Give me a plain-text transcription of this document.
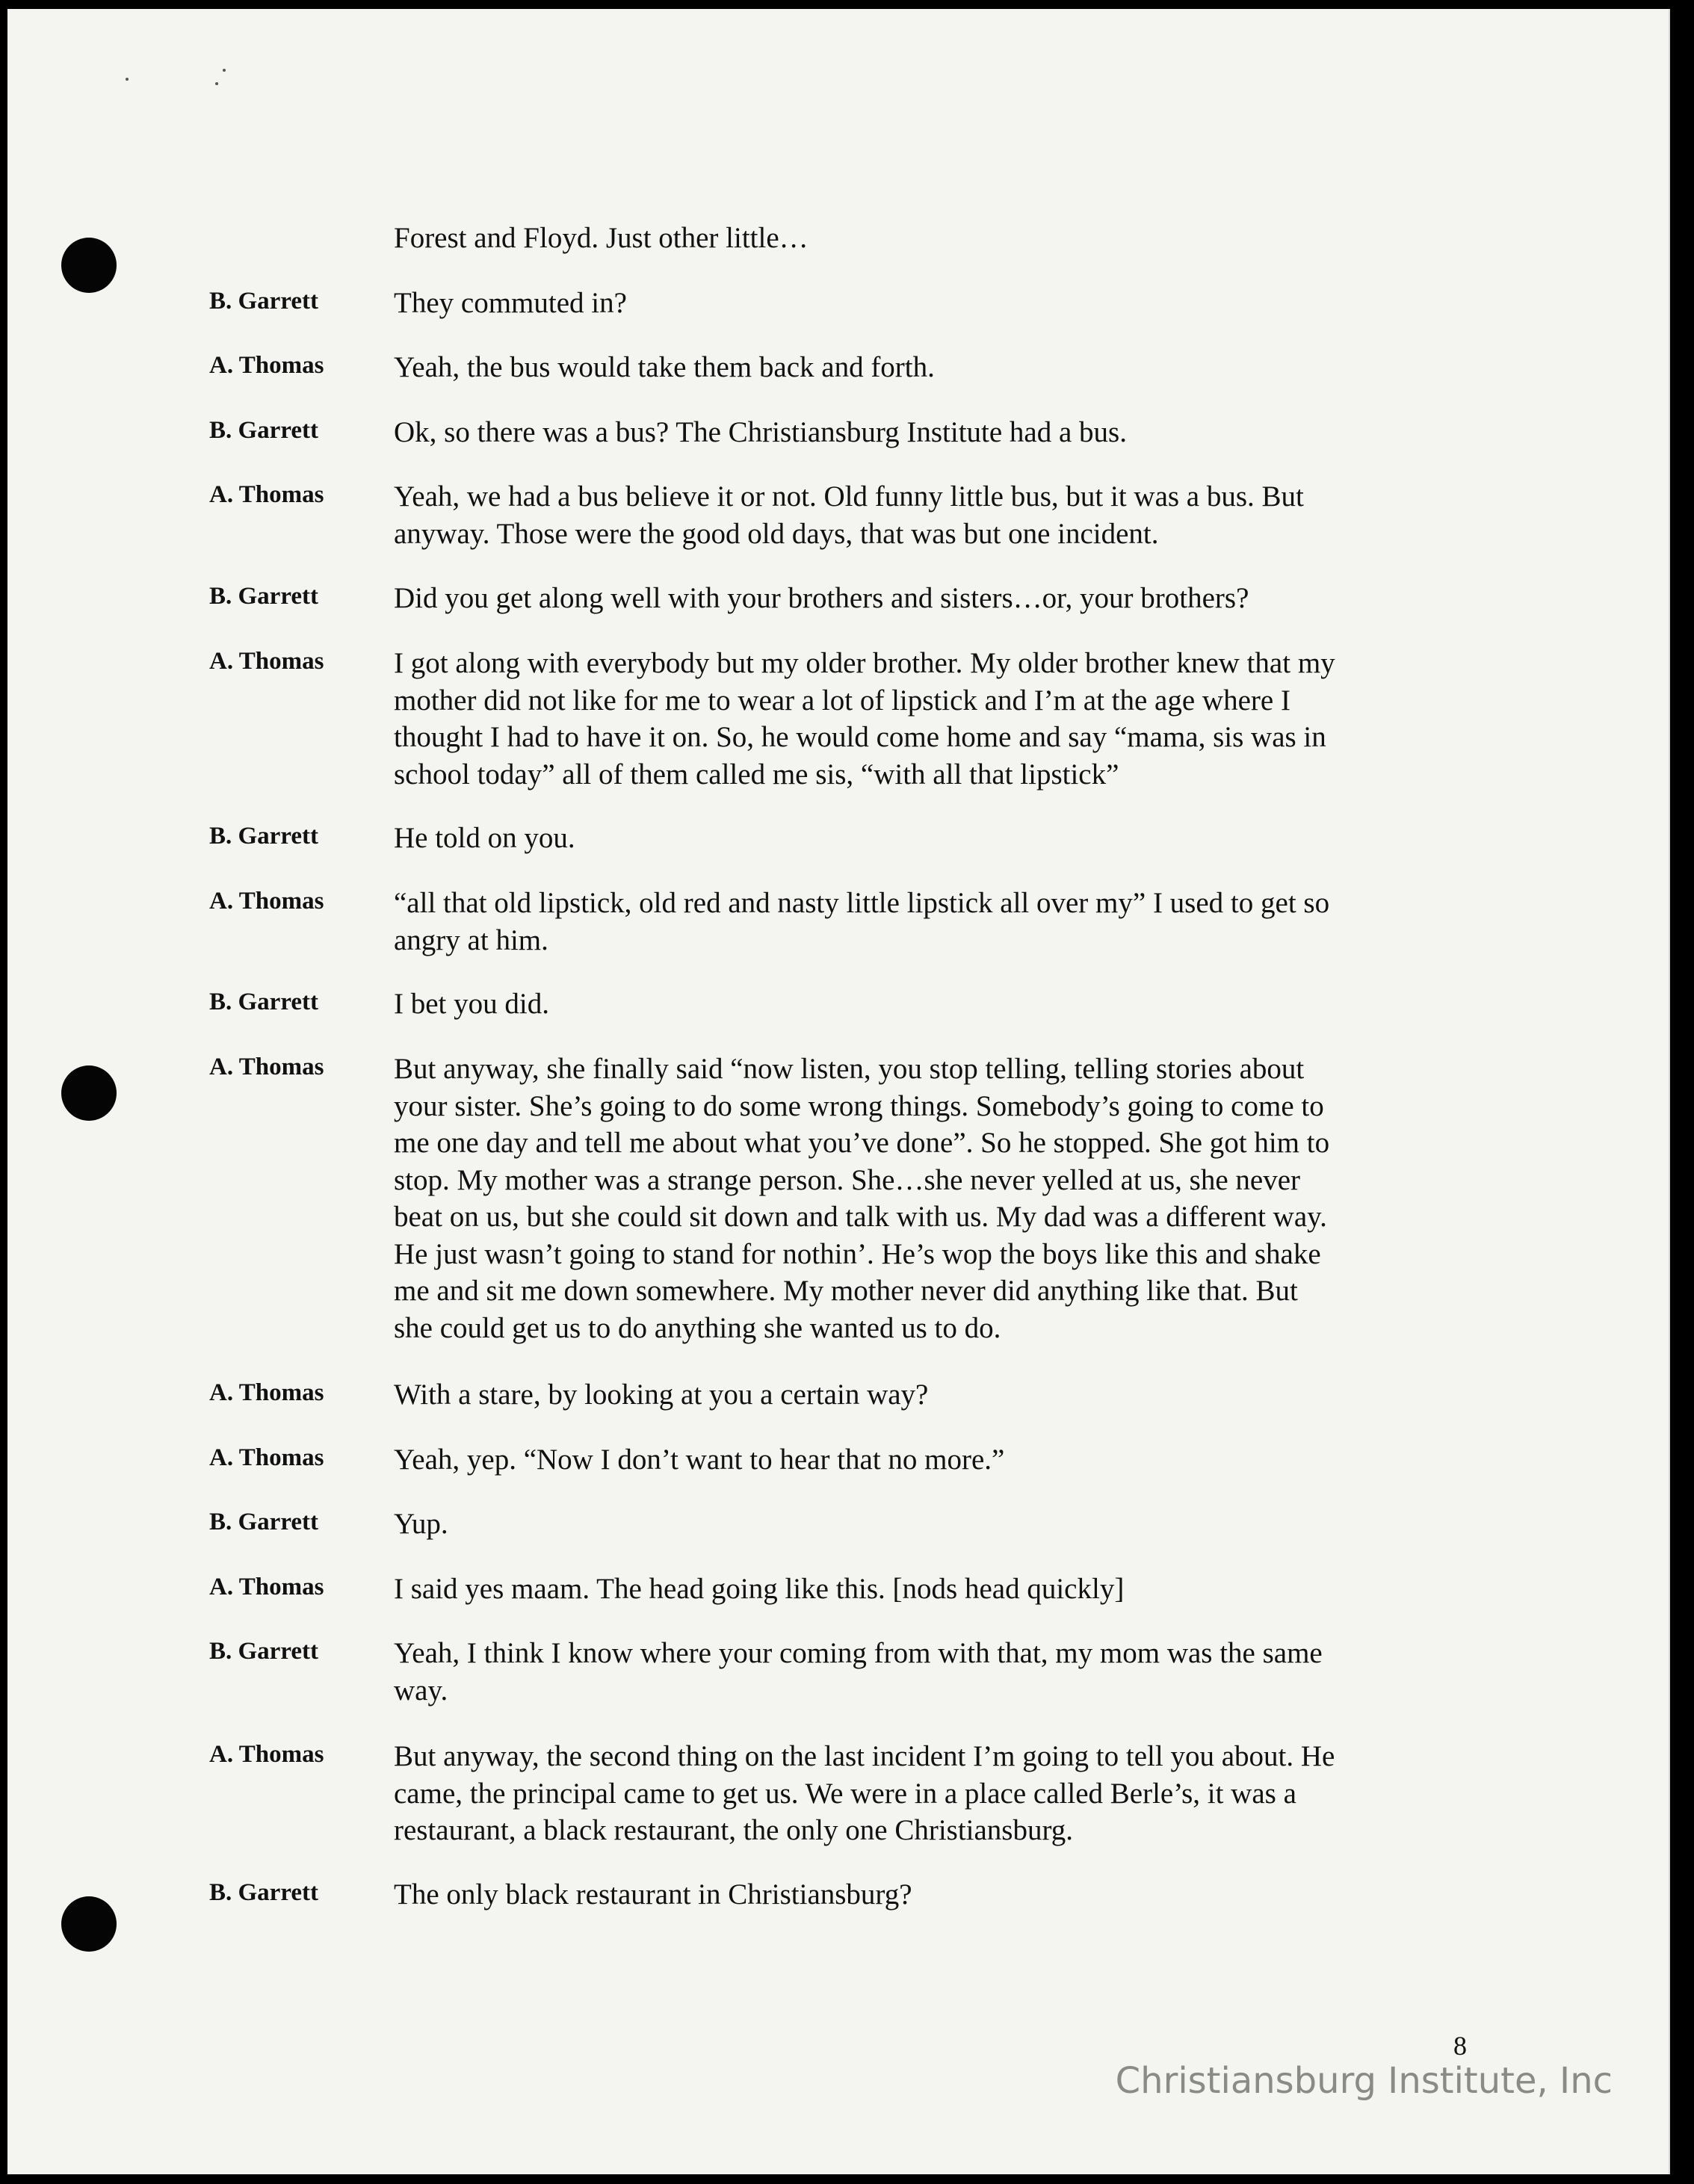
Forest and Floyd. Just other little…
B. Garrett	They commuted in?
A. Thomas Yeah, the bus would take them back and forth.
B. Garrett	Ok, so there was a bus? The Christiansburg Institute had a bus.
A. Thomas Yeah, we had a bus believe it or not. Old funny little bus, but it was a bus. But
anyway. Those were the good old days, that was but one incident.
B. Garrett	Did you get along well with your brothers and sisters…or, your brothers?
A. Thomas I got along with everybody but my older brother. My older brother knew that my
mother did not like for me to wear a lot of lipstick and I’m at the age where I
thought I had to have it on. So, he would come home and say “mama, sis was in
school today” all of them called me sis, “with all that lipstick”
B. Garrett	He told on you.
A. Thomas “all that old lipstick, old red and nasty little lipstick all over my” I used to get so
angry at him.
B. Garrett	I bet you did.
A. Thomas But anyway, she finally said “now listen, you stop telling, telling stories about
your sister. She’s going to do some wrong things. Somebody’s going to come to
me one day and tell me about what you’ve done”. So he stopped. She got him to
stop. My mother was a strange person. She…she never yelled at us, she never
beat on us, but she could sit down and talk with us. My dad was a different way.
He just wasn’t going to stand for nothin’. He’s wop the boys like this and shake
me and sit me down somewhere. My mother never did anything like that. But
she could get us to do anything she wanted us to do.
A. Thomas With a stare, by looking at you a certain way?
A. Thomas Yeah, yep. “Now I don’t want to hear that no more.”
B. Garrett	Yup.
A. Thomas I said yes maam. The head going like this. [nods head quickly]
B. Garrett	Yeah, I think I know where your coming from with that, my mom was the same
way.
A. Thomas But anyway, the second thing on the last incident I’m going to tell you about. He
came, the principal came to get us. We were in a place called Berle’s, it was a
restaurant, a black restaurant, the only one Christiansburg.
B. Garrett	The only black restaurant in Christiansburg?
8
Christiansburg Institute, Inc
